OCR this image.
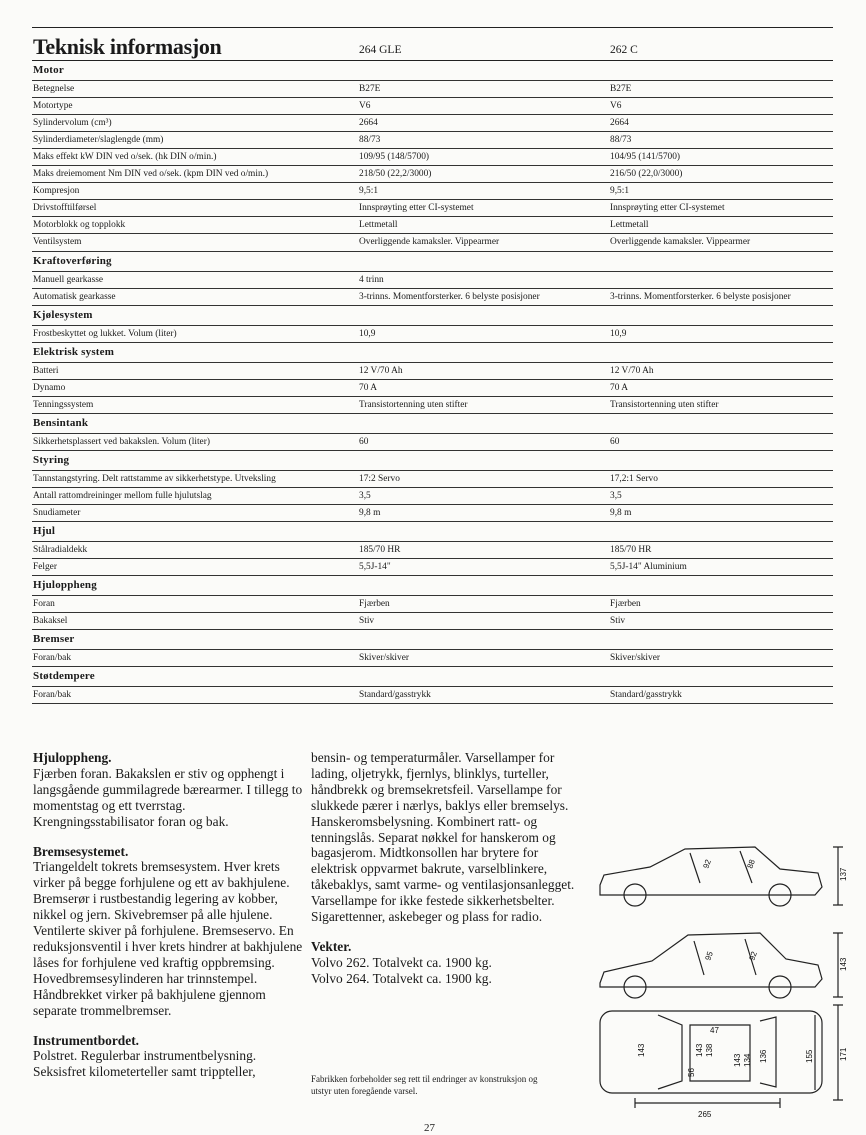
Teknisk informasjon	264 GLE	262 C
Motor
Betegnelse	B27E	B27E
Motortype	V6	V6
Sylindervolum (cm³)	2664	2664
Sylinderdiameter/slaglengde (mm)	88/73	88/73
Maks effekt kW DIN ved o/sek. (hk DIN o/min.)	109/95 (148/5700)	104/95 (141/5700)
Maks dreiemoment Nm DIN ved o/sek. (kpm DIN ved o/min.)	218/50 (22,2/3000)	216/50 (22,0/3000)
Kompresjon	9,5:1	9,5:1
Drivstofftilførsel	Innsprøyting etter CI-systemet	Innsprøyting etter CI-systemet
Motorblokk og topplokk	Lettmetall	Lettmetall
Ventilsystem	Overliggende kamaksler. Vippearmer	Overliggende kamaksler. Vippearmer
Kraftoverføring
Manuell gearkasse	4 trinn
Automatisk gearkasse	3-trinns. Momentforsterker. 6 belyste posisjoner	3-trinns. Momentforsterker. 6 belyste posisjoner
Kjølesystem
Frostbeskyttet og lukket. Volum (liter)	10,9	10,9
Elektrisk system
Batteri	12 V/70 Ah	12 V/70 Ah
Dynamo	70 A	70 A
Tenningssystem	Transistortenning uten stifter	Transistortenning uten stifter
Bensintank
Sikkerhetsplassert ved bakakslen. Volum (liter)	60	60
Styring
Tannstangstyring. Delt rattstamme av sikkerhetstype. Utveksling	17:2 Servo	17,2:1 Servo
Antall rattomdreininger mellom fulle hjulutslag	3,5	3,5
Snudiameter	9,8 m	9,8 m
Hjul
Stålradialdekk	185/70 HR	185/70 HR
Felger	5,5J-14"	5,5J-14" Aluminium
Hjuloppheng
Foran	Fjærben	Fjærben
Bakaksel	Stiv	Stiv
Bremser
Foran/bak	Skiver/skiver	Skiver/skiver
Støtdempere
Foran/bak	Standard/gasstrykk	Standard/gasstrykk
Hjuloppheng.

Fjærben foran. Bakakslen er stiv og opphengt i langsgående gummilagrede bærearmer. I tillegg to momentstag og ett tverrstag. Krengningsstabilisator foran og bak.

Bremsesystemet.

Triangeldelt tokrets bremsesystem. Hver krets virker på begge forhjulene og ett av bakhjulene. Bremserør i rustbestandig legering av kobber, nikkel og jern. Skivebremser på alle hjulene. Ventilerte skiver på forhjulene. Bremseservo. En reduksjonsventil i hver krets hindrer at bakhjulene låses for forhjulene ved kraftig oppbremsing. Hovedbremsesylinderen har trinnstempel. Håndbrekket virker på bakhjulene gjennom separate trommelbremser.

Instrumentbordet.

Polstret. Regulerbar instrumentbelysning. Seksisfret kilometerteller samt trippteller,

bensin- og temperaturmåler. Varsellamper for lading, oljetrykk, fjernlys, blinklys, turteller, håndbrekk og bremsekretsfeil. Varsellampe for slukkede pærer i nærlys, baklys eller bremselys. Hanskeromsbelysning. Kombinert ratt- og tenningslås. Separat nøkkel for hanskerom og bagasjerom. Midtkonsollen har brytere for elektrisk oppvarmet bakrute, varselblinkere, tåkebaklys, samt varme- og ventilasjonsanlegget. Varsellampe for ikke festede sikkerhetsbelter. Sigarettenner, askebeger og plass for radio.

Vekter.
Volvo 262. Totalvekt ca. 1900 kg.
Volvo 264. Totalvekt ca. 1900 kg.
Fabrikken forbeholder seg rett til endringer av konstruksjon og utstyr uten foregående varsel.
27
92	88
137
95	92
143
143
47
143 138
56
143 134 136	155	171
265
